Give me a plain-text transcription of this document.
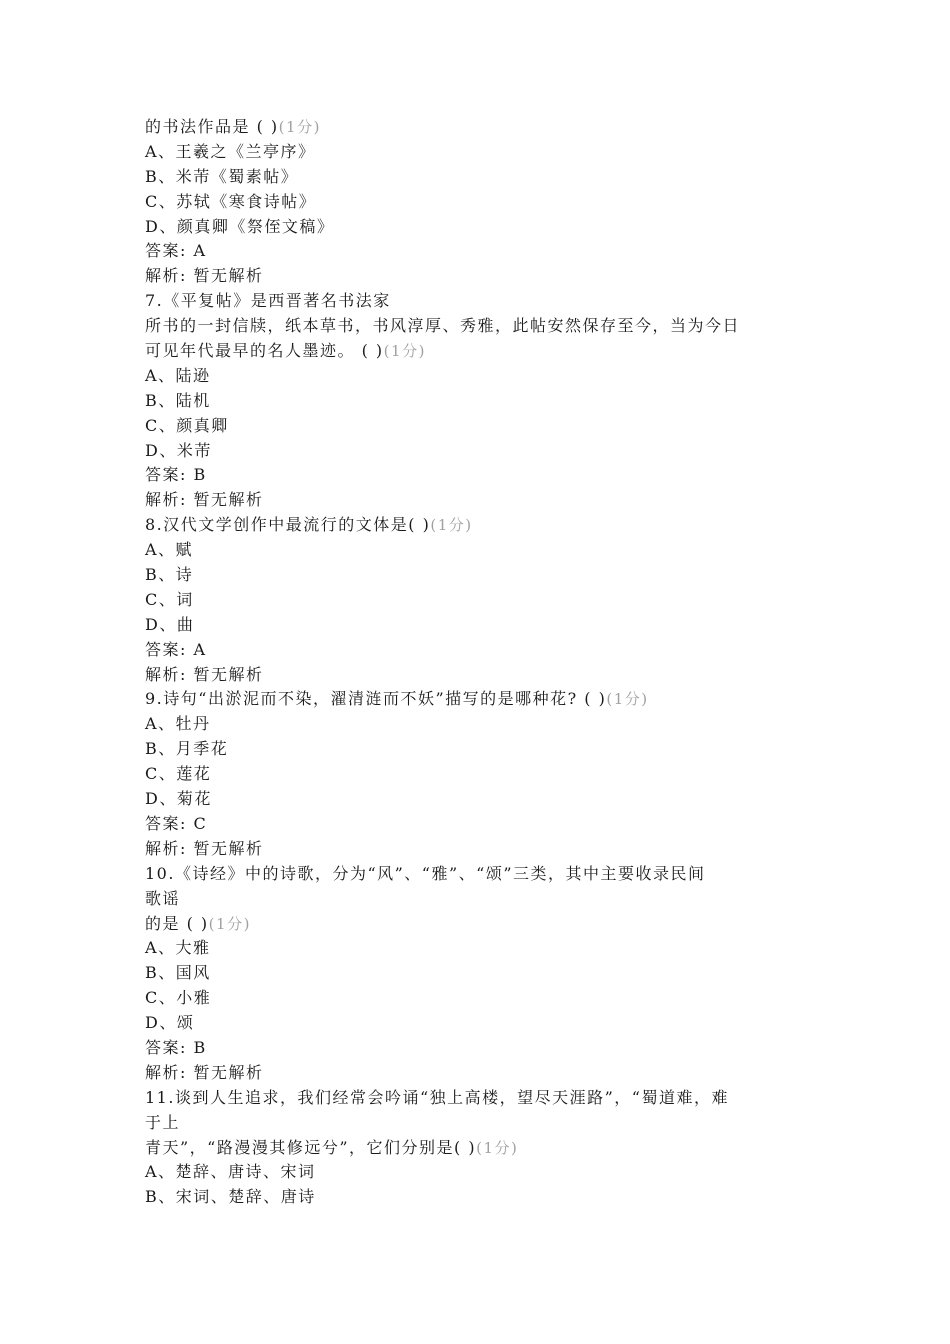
的书法作品是 ( )(1分)
A、王羲之《兰亭序》
B、米芾《蜀素帖》
C、苏轼《寒食诗帖》
D、颜真卿《祭侄文稿》
答案: A
解析: 暂无解析
7.《平复帖》是西晋著名书法家
所书的一封信牍，纸本草书，书风淳厚、秀雅，此帖安然保存至今，当为今日
可见年代最早的名人墨迹。 ( )(1分)
A、陆逊
B、陆机
C、颜真卿
D、米芾
答案: B
解析: 暂无解析
8.汉代文学创作中最流行的文体是( )(1分)
A、赋
B、诗
C、词
D、曲
答案: A
解析: 暂无解析
9.诗句“出淤泥而不染，濯清涟而不妖”描写的是哪种花? ( )(1分)
A、牡丹
B、月季花
C、莲花
D、菊花
答案: C
解析: 暂无解析
10.《诗经》中的诗歌，分为“风”、“雅”、“颂”三类，其中主要收录民间
歌谣
的是 ( )(1分)
A、大雅
B、国风
C、小雅
D、颂
答案: B
解析: 暂无解析
11.谈到人生追求，我们经常会吟诵“独上高楼，望尽天涯路”，“蜀道难，难
于上
青天”，“路漫漫其修远兮”，它们分别是( )(1分)
A、楚辞、唐诗、宋词
B、宋词、楚辞、唐诗
